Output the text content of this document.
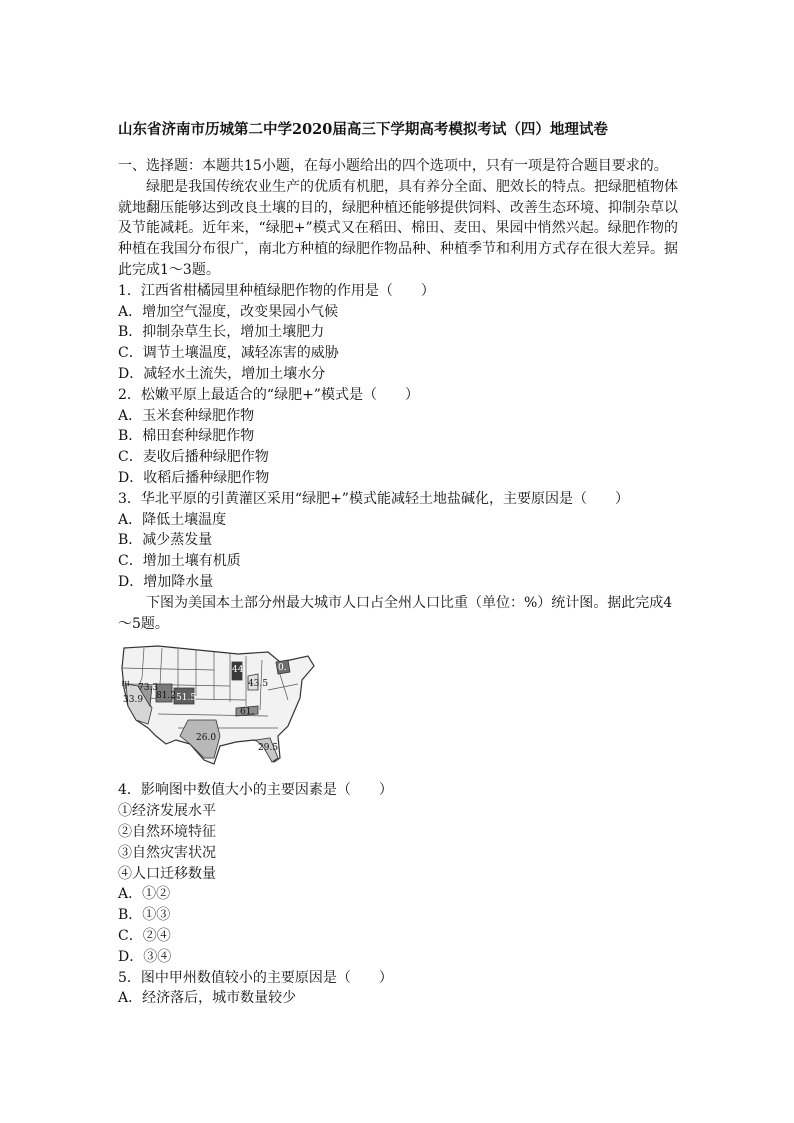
山东省济南市历城第二中学2020届高三下学期高考模拟考试（四）地理试卷
一、选择题：本题共15小题，在每小题给出的四个选项中，只有一项是符合题目要求的。
绿肥是我国传统农业生产的优质有机肥，具有养分全面、肥效长的特点。把绿肥植物体就地翻压能够达到改良土壤的目的，绿肥种植还能够提供饲料、改善生态环境、抑制杂草以及节能减耗。近年来，“绿肥+”模式又在稻田、棉田、麦田、果园中悄然兴起。绿肥作物的种植在我国分布很广，南北方种植的绿肥作物品种、种植季节和利用方式存在很大差异。据此完成1～3题。
1．江西省柑橘园里种植绿肥作物的作用是（　　）
A．增加空气湿度，改变果园小气候
B．抑制杂草生长，增加土壤肥力
C．调节土壤温度，减轻冻害的威胁
D．减轻水土流失，增加土壤水分
2．松嫩平原上最适合的“绿肥+”模式是（　　）
A．玉米套种绿肥作物
B．棉田套种绿肥作物
C．麦收后播种绿肥作物
D．收稻后播种绿肥作物
3．华北平原的引黄灌区采用“绿肥+”模式能减轻土地盐碱化，主要原因是（　　）
A．降低土壤温度
B．减少蒸发量
C．增加土壤有机质
D．增加降水量
下图为美国本土部分州最大城市人口占全州人口比重（单位：%）统计图。据此完成4～5题。
甲
33.9
73.3
81.2 51.5
26.0
29.5
44
43.5
61.
0.
4．影响图中数值大小的主要因素是（　　）
①经济发展水平
②自然环境特征
③自然灾害状况
④人口迁移数量
A．①②
B．①③
C．②④
D．③④
5．图中甲州数值较小的主要原因是（　　）
A．经济落后，城市数量较少
